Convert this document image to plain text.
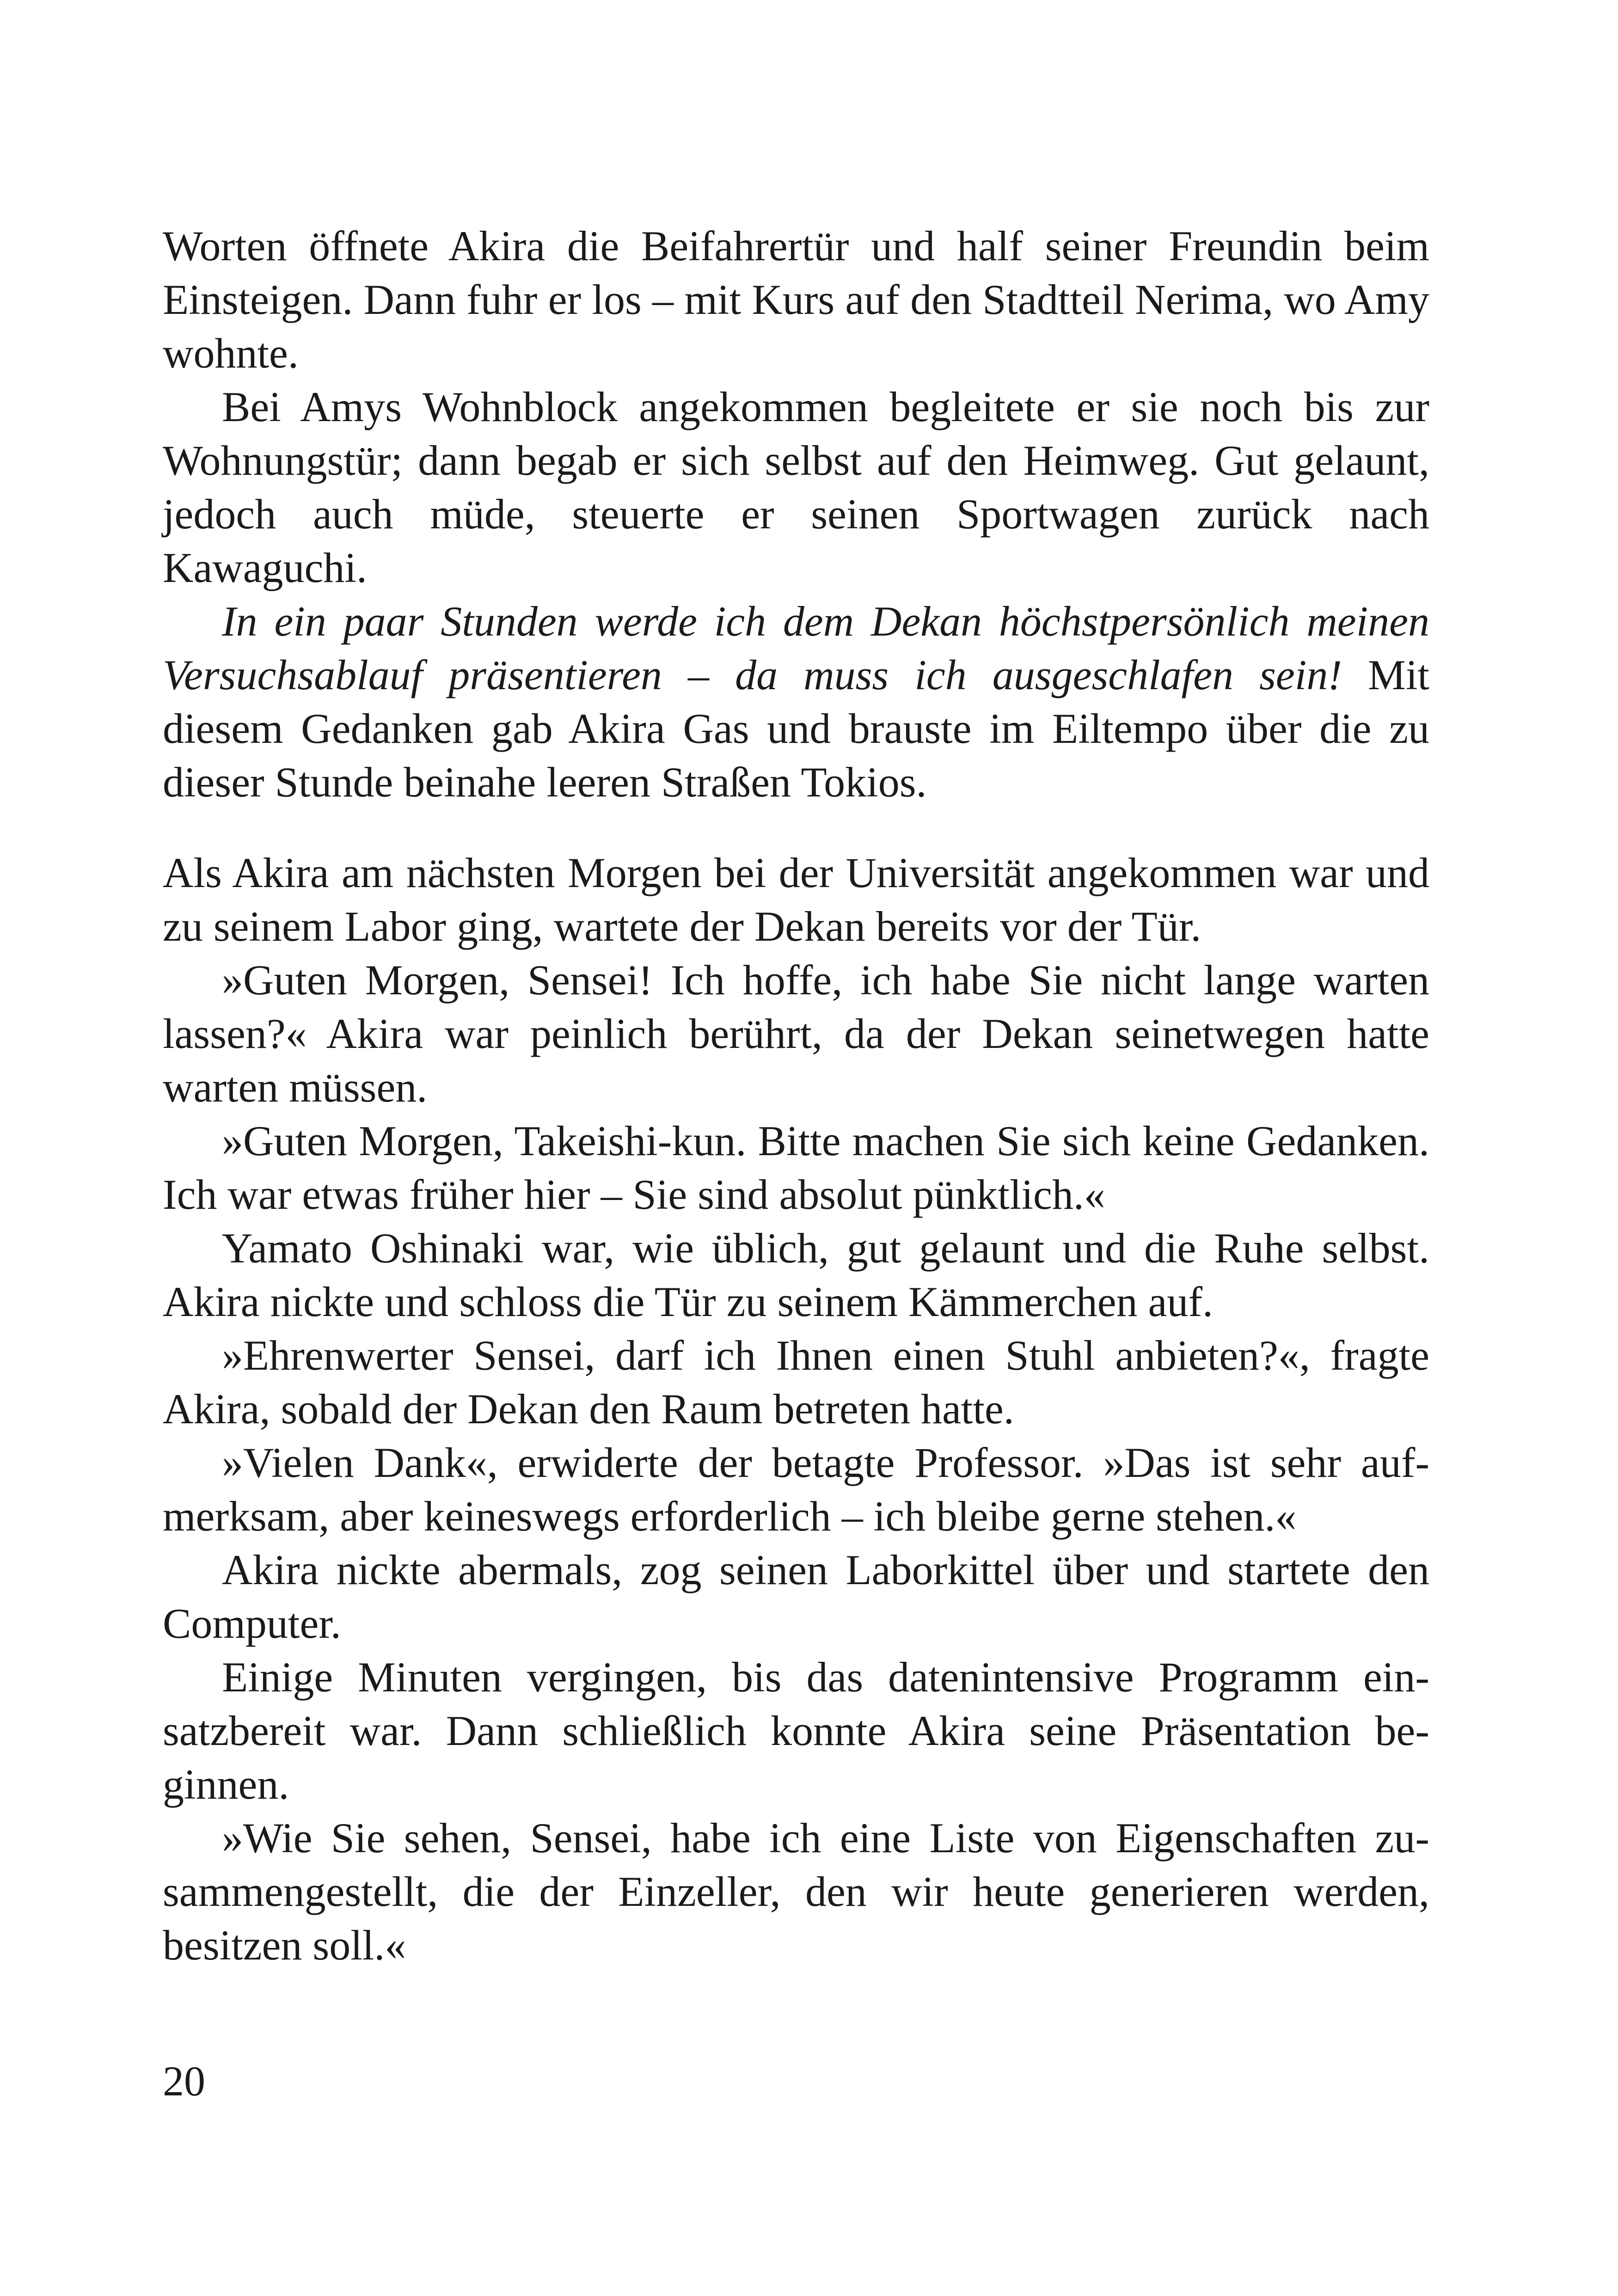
Worten öffnete Akira die Beifahrertür und half seiner Freundin beim Einsteigen. Dann fuhr er los – mit Kurs auf den Stadtteil Nerima, wo Amy wohnte.

Bei Amys Wohnblock angekommen begleitete er sie noch bis zur Wohnungstür; dann begab er sich selbst auf den Heimweg. Gut gelaunt, jedoch auch müde, steuerte er seinen Sportwagen zurück nach Kawaguchi.

In ein paar Stunden werde ich dem Dekan höchstpersönlich meinen Versuchsablauf präsentieren – da muss ich ausgeschlafen sein! Mit diesem Gedanken gab Akira Gas und brauste im Eiltempo über die zu dieser Stunde beinahe leeren Straßen Tokios.

Als Akira am nächsten Morgen bei der Universität angekommen war und zu seinem Labor ging, wartete der Dekan bereits vor der Tür.

»Guten Morgen, Sensei! Ich hoffe, ich habe Sie nicht lange warten lassen?« Akira war peinlich berührt, da der Dekan seinetwegen hatte warten müssen.

»Guten Morgen, Takeishi-kun. Bitte machen Sie sich keine Gedanken. Ich war etwas früher hier – Sie sind absolut pünktlich.«

Yamato Oshinaki war, wie üblich, gut gelaunt und die Ruhe selbst. Akira nickte und schloss die Tür zu seinem Kämmerchen auf.

»Ehrenwerter Sensei, darf ich Ihnen einen Stuhl anbieten?«, fragte Akira, sobald der Dekan den Raum betreten hatte.

»Vielen Dank«, erwiderte der betagte Professor. »Das ist sehr aufmerksam, aber keineswegs erforderlich – ich bleibe gerne stehen.«

Akira nickte abermals, zog seinen Laborkittel über und startete den Computer.

Einige Minuten vergingen, bis das datenintensive Programm einsatzbereit war. Dann schließlich konnte Akira seine Präsentation beginnen.

»Wie Sie sehen, Sensei, habe ich eine Liste von Eigenschaften zusammengestellt, die der Einzeller, den wir heute generieren werden, besitzen soll.«

20
